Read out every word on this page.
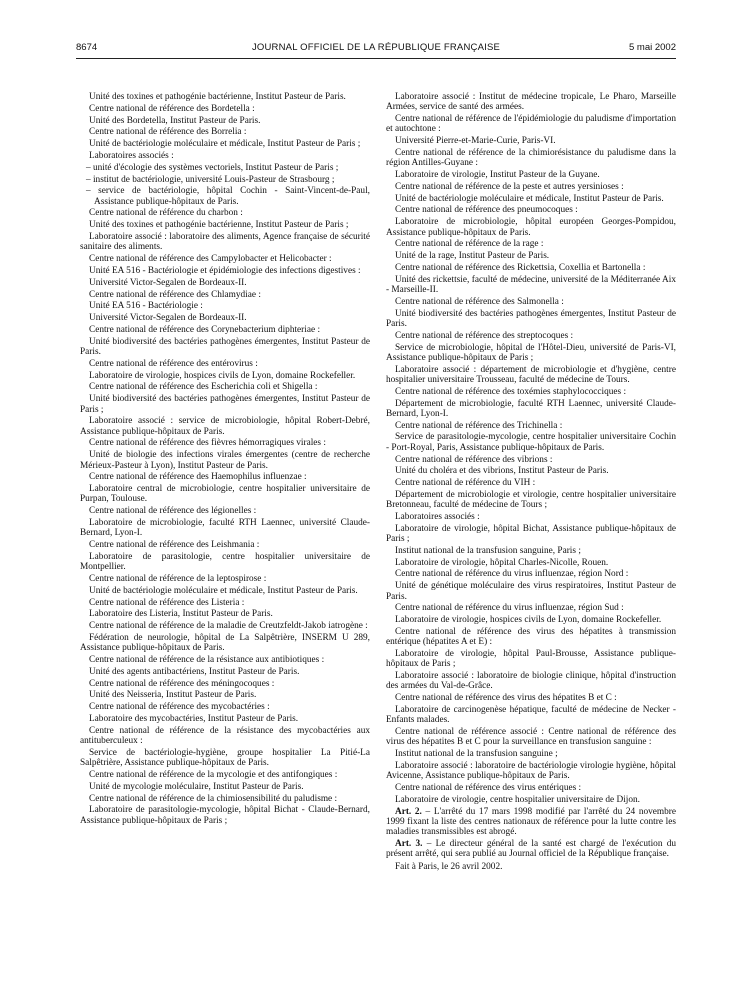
8674	JOURNAL OFFICIEL DE LA RÉPUBLIQUE FRANÇAISE	5 mai 2002

Unité des toxines et pathogénie bactérienne, Institut Pasteur de Paris.

Centre national de référence des Bordetella :

Unité des Bordetella, Institut Pasteur de Paris.

Centre national de référence des Borrelia :

Unité de bactériologie moléculaire et médicale, Institut Pasteur de Paris ;

Laboratoires associés :

– unité d'écologie des systèmes vectoriels, Institut Pasteur de Paris ;

– institut de bactériologie, université Louis-Pasteur de Strasbourg ;

– service de bactériologie, hôpital Cochin - Saint-Vincent-de-Paul, Assistance publique-hôpitaux de Paris.

Centre national de référence du charbon :

Unité des toxines et pathogénie bactérienne, Institut Pasteur de Paris ;

Laboratoire associé : laboratoire des aliments, Agence française de sécurité sanitaire des aliments.

Centre national de référence des Campylobacter et Helicobacter :

Unité EA 516 - Bactériologie et épidémiologie des infections digestives :

Université Victor-Segalen de Bordeaux-II.

Centre national de référence des Chlamydiae :

Unité EA 516 - Bactériologie :

Université Victor-Segalen de Bordeaux-II.

Centre national de référence des Corynebacterium diphteriae :

Unité biodiversité des bactéries pathogènes émergentes, Institut Pasteur de Paris.

Centre national de référence des entérovirus :

Laboratoire de virologie, hospices civils de Lyon, domaine Rockefeller.

Centre national de référence des Escherichia coli et Shigella :

Unité biodiversité des bactéries pathogènes émergentes, Institut Pasteur de Paris ;

Laboratoire associé : service de microbiologie, hôpital Robert-Debré, Assistance publique-hôpitaux de Paris.

Centre national de référence des fièvres hémorragiques virales :

Unité de biologie des infections virales émergentes (centre de recherche Mérieux-Pasteur à Lyon), Institut Pasteur de Paris.

Centre national de référence des Haemophilus influenzae :

Laboratoire central de microbiologie, centre hospitalier universitaire de Purpan, Toulouse.

Centre national de référence des légionelles :

Laboratoire de microbiologie, faculté RTH Laennec, université Claude-Bernard, Lyon-I.

Centre national de référence des Leishmania :

Laboratoire de parasitologie, centre hospitalier universitaire de Montpellier.

Centre national de référence de la leptospirose :

Unité de bactériologie moléculaire et médicale, Institut Pasteur de Paris.

Centre national de référence des Listeria :

Laboratoire des Listeria, Institut Pasteur de Paris.

Centre national de référence de la maladie de Creutzfeldt-Jakob iatrogène :

Fédération de neurologie, hôpital de La Salpêtrière, INSERM U 289, Assistance publique-hôpitaux de Paris.

Centre national de référence de la résistance aux antibiotiques :

Unité des agents antibactériens, Institut Pasteur de Paris.

Centre national de référence des méningocoques :

Unité des Neisseria, Institut Pasteur de Paris.

Centre national de référence des mycobactéries :

Laboratoire des mycobactéries, Institut Pasteur de Paris.

Centre national de référence de la résistance des mycobactéries aux antituberculeux :

Service de bactériologie-hygiène, groupe hospitalier La Pitié-La Salpêtrière, Assistance publique-hôpitaux de Paris.

Centre national de référence de la mycologie et des antifongiques :

Unité de mycologie moléculaire, Institut Pasteur de Paris.

Centre national de référence de la chimiosensibilité du paludisme :

Laboratoire de parasitologie-mycologie, hôpital Bichat - Claude-Bernard, Assistance publique-hôpitaux de Paris ;

Laboratoire associé : Institut de médecine tropicale, Le Pharo, Marseille Armées, service de santé des armées.

Centre national de référence de l'épidémiologie du paludisme d'importation et autochtone :

Université Pierre-et-Marie-Curie, Paris-VI.

Centre national de référence de la chimiorésistance du paludisme dans la région Antilles-Guyane :

Laboratoire de virologie, Institut Pasteur de la Guyane.

Centre national de référence de la peste et autres yersinioses :

Unité de bactériologie moléculaire et médicale, Institut Pasteur de Paris.

Centre national de référence des pneumocoques :

Laboratoire de microbiologie, hôpital européen Georges-Pompidou, Assistance publique-hôpitaux de Paris.

Centre national de référence de la rage :

Unité de la rage, Institut Pasteur de Paris.

Centre national de référence des Rickettsia, Coxellia et Bartonella :

Unité des rickettsie, faculté de médecine, université de la Méditerranée Aix - Marseille-II.

Centre national de référence des Salmonella :

Unité biodiversité des bactéries pathogènes émergentes, Institut Pasteur de Paris.

Centre national de référence des streptocoques :

Service de microbiologie, hôpital de l'Hôtel-Dieu, université de Paris-VI, Assistance publique-hôpitaux de Paris ;

Laboratoire associé : département de microbiologie et d'hygiène, centre hospitalier universitaire Trousseau, faculté de médecine de Tours.

Centre national de référence des toxémies staphylococciques :

Département de microbiologie, faculté RTH Laennec, université Claude-Bernard, Lyon-I.

Centre national de référence des Trichinella :

Service de parasitologie-mycologie, centre hospitalier universitaire Cochin - Port-Royal, Paris, Assistance publique-hôpitaux de Paris.

Centre national de référence des vibrions :

Unité du choléra et des vibrions, Institut Pasteur de Paris.

Centre national de référence du VIH :

Département de microbiologie et virologie, centre hospitalier universitaire Bretonneau, faculté de médecine de Tours ;

Laboratoires associés :

Laboratoire de virologie, hôpital Bichat, Assistance publique-hôpitaux de Paris ;

Institut national de la transfusion sanguine, Paris ;

Laboratoire de virologie, hôpital Charles-Nicolle, Rouen.

Centre national de référence du virus influenzae, région Nord :

Unité de génétique moléculaire des virus respiratoires, Institut Pasteur de Paris.

Centre national de référence du virus influenzae, région Sud :

Laboratoire de virologie, hospices civils de Lyon, domaine Rockefeller.

Centre national de référence des virus des hépatites à transmission entérique (hépatites A et E) :

Laboratoire de virologie, hôpital Paul-Brousse, Assistance publique-hôpitaux de Paris ;

Laboratoire associé : laboratoire de biologie clinique, hôpital d'instruction des armées du Val-de-Grâce.

Centre national de référence des virus des hépatites B et C :

Laboratoire de carcinogenèse hépatique, faculté de médecine de Necker - Enfants malades.

Centre national de référence associé : Centre national de référence des virus des hépatites B et C pour la surveillance en transfusion sanguine :

Institut national de la transfusion sanguine ;

Laboratoire associé : laboratoire de bactériologie virologie hygiène, hôpital Avicenne, Assistance publique-hôpitaux de Paris.

Centre national de référence des virus entériques :

Laboratoire de virologie, centre hospitalier universitaire de Dijon.

Art. 2. – L'arrêté du 17 mars 1998 modifié par l'arrêté du 24 novembre 1999 fixant la liste des centres nationaux de référence pour la lutte contre les maladies transmissibles est abrogé.

Art. 3. – Le directeur général de la santé est chargé de l'exécution du présent arrêté, qui sera publié au Journal officiel de la République française.

Fait à Paris, le 26 avril 2002.
